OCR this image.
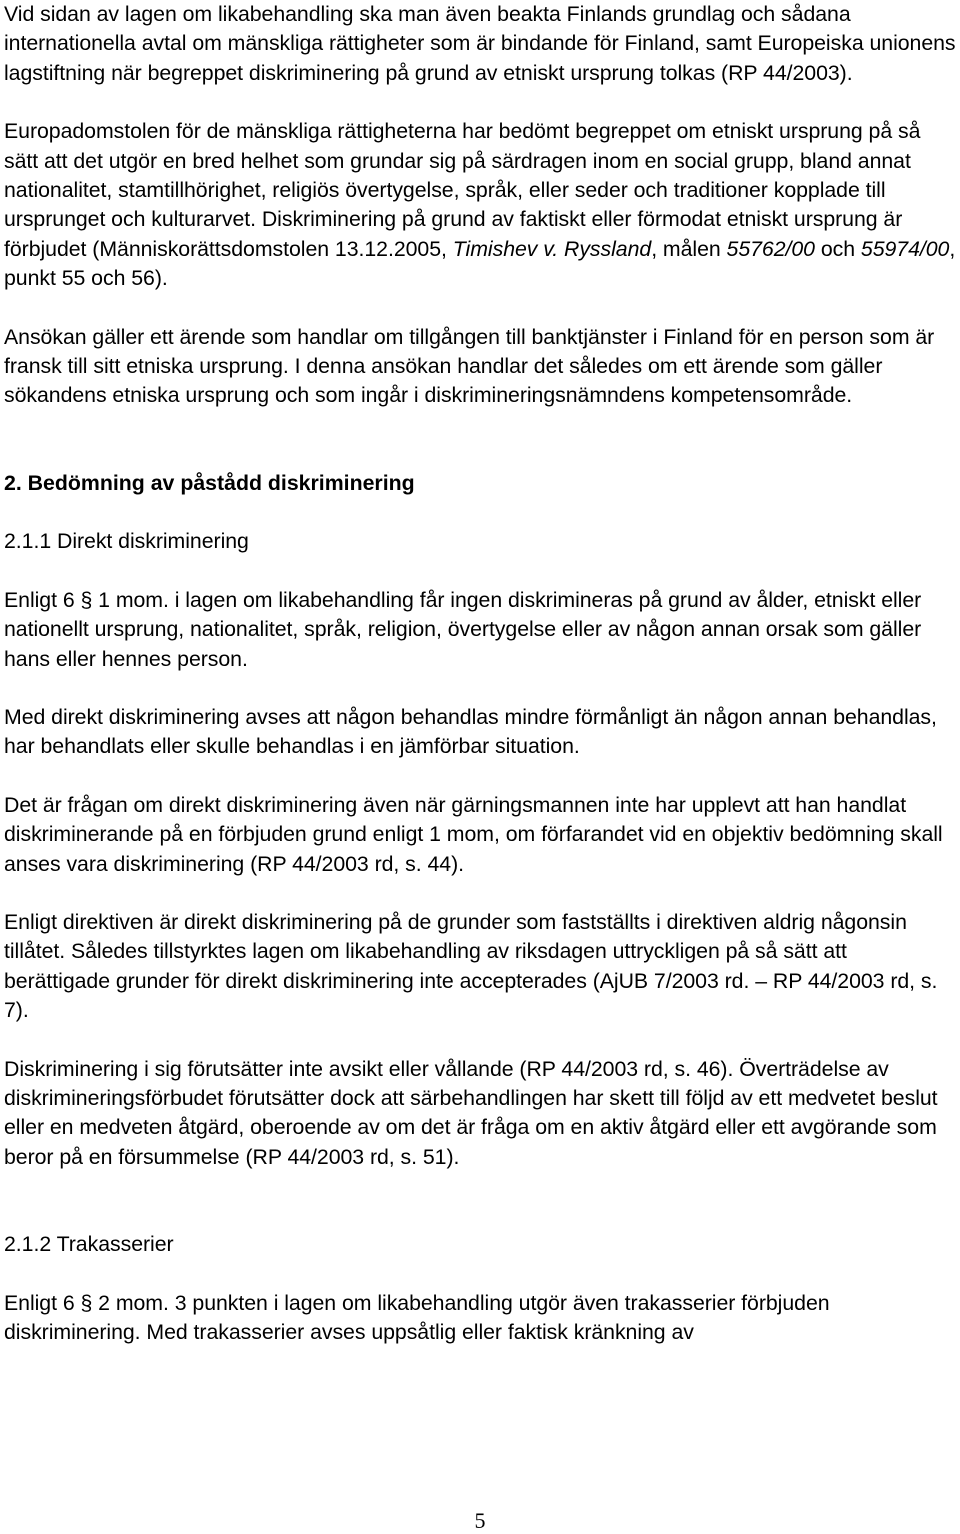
Vid sidan av lagen om likabehandling ska man även beakta Finlands grundlag och sådana internationella avtal om mänskliga rättigheter som är bindande för Finland, samt Europeiska unionens lagstiftning när begreppet diskriminering på grund av etniskt ursprung tolkas (RP 44/2003).

Europadomstolen för de mänskliga rättigheterna har bedömt begreppet om etniskt ursprung på så sätt att det utgör en bred helhet som grundar sig på särdragen inom en social grupp, bland annat nationalitet, stamtillhörighet, religiös övertygelse, språk, eller seder och traditioner kopplade till ursprunget och kulturarvet. Diskriminering på grund av faktiskt eller förmodat etniskt ursprung är förbjudet (Människorättsdomstolen 13.12.2005, Timishev v. Ryssland, målen 55762/00 och 55974/00, punkt 55 och 56).

Ansökan gäller ett ärende som handlar om tillgången till banktjänster i Finland för en person som är fransk till sitt etniska ursprung. I denna ansökan handlar det således om ett ärende som gäller sökandens etniska ursprung och som ingår i diskrimineringsnämndens kompetensområde.

2. Bedömning av påstådd diskriminering

2.1.1 Direkt diskriminering

Enligt 6 § 1 mom. i lagen om likabehandling får ingen diskrimineras på grund av ålder, etniskt eller nationellt ursprung, nationalitet, språk, religion, övertygelse eller av någon annan orsak som gäller hans eller hennes person.

Med direkt diskriminering avses att någon behandlas mindre förmånligt än någon annan behandlas, har behandlats eller skulle behandlas i en jämförbar situation.

Det är frågan om direkt diskriminering även när gärningsmannen inte har upplevt att han handlat diskriminerande på en förbjuden grund enligt 1 mom, om förfarandet vid en objektiv bedömning skall anses vara diskriminering (RP 44/2003 rd, s. 44).

Enligt direktiven är direkt diskriminering på de grunder som fastställts i direktiven aldrig någonsin tillåtet. Således tillstyrktes lagen om likabehandling av riksdagen uttryckligen på så sätt att berättigade grunder för direkt diskriminering inte accepterades (AjUB 7/2003 rd. – RP 44/2003 rd, s. 7).

Diskriminering i sig förutsätter inte avsikt eller vållande (RP 44/2003 rd, s. 46). Överträdelse av diskrimineringsförbudet förutsätter dock att särbehandlingen har skett till följd av ett medvetet beslut eller en medveten åtgärd, oberoende av om det är fråga om en aktiv åtgärd eller ett avgörande som beror på en försummelse (RP 44/2003 rd, s. 51).

2.1.2 Trakasserier

Enligt 6 § 2 mom. 3 punkten i lagen om likabehandling utgör även trakasserier förbjuden diskriminering. Med trakasserier avses uppsåtlig eller faktisk kränkning av

5
